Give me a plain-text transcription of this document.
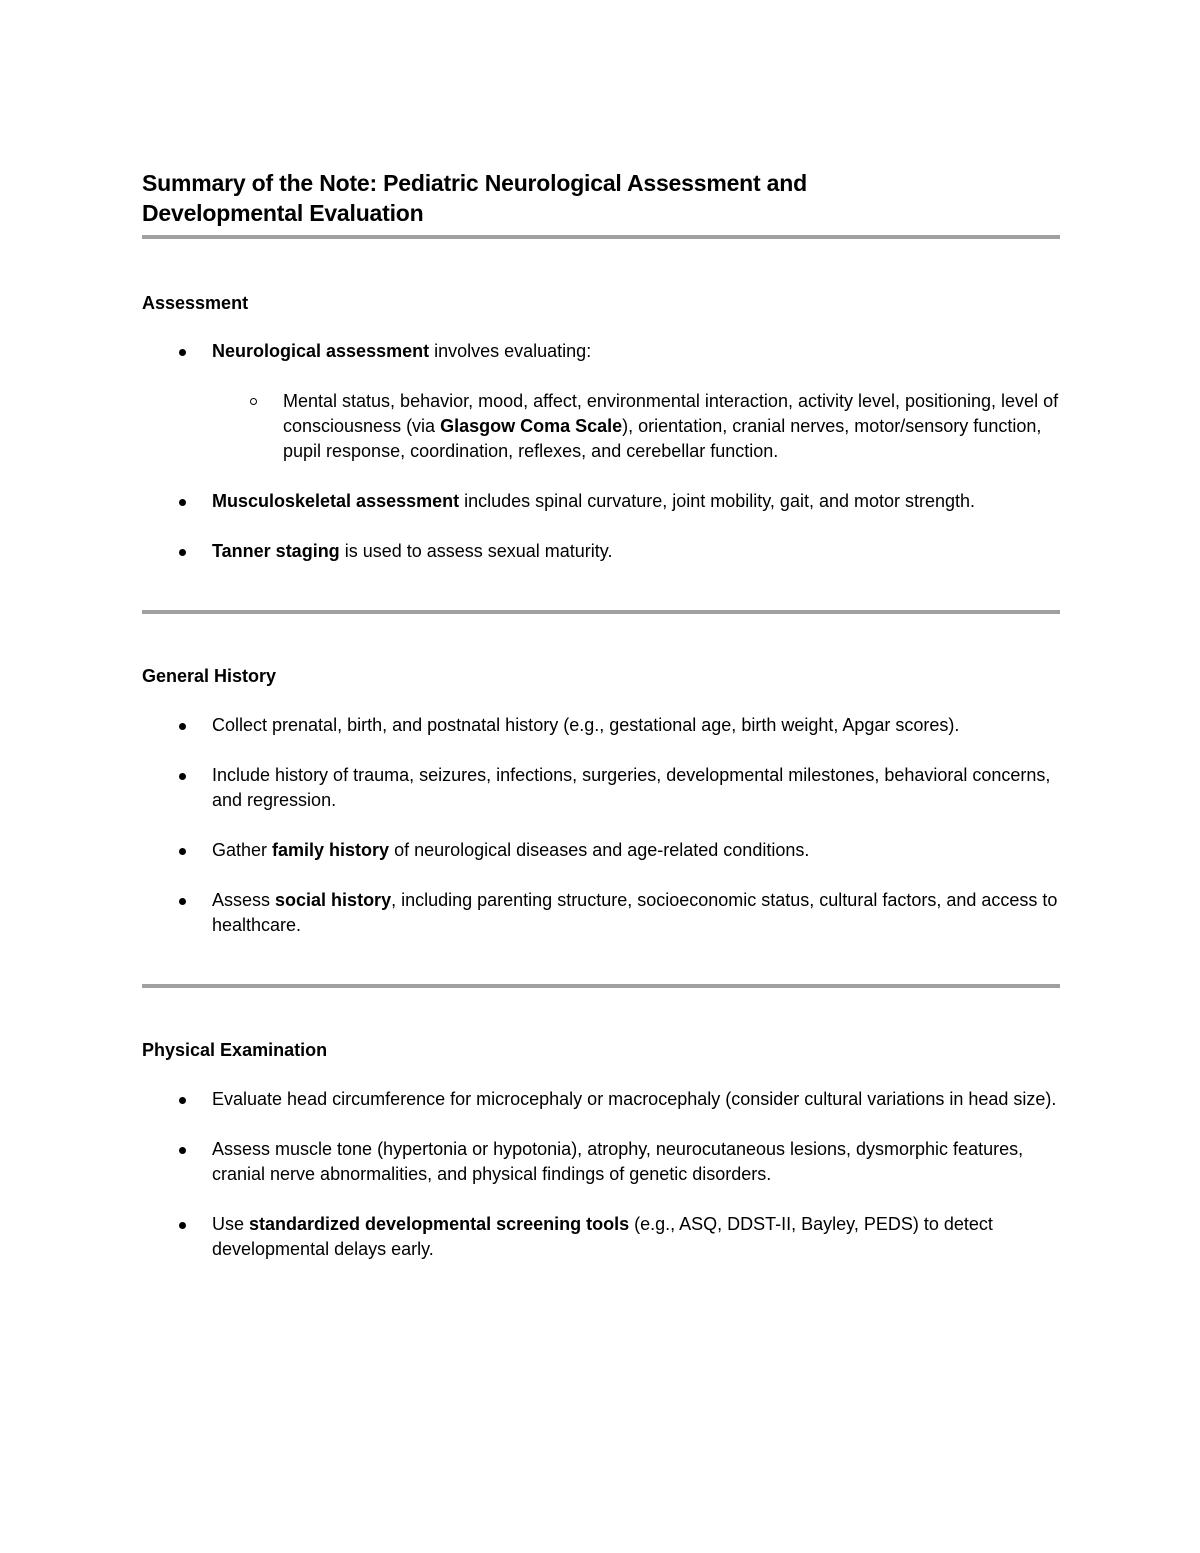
Summary of the Note: Pediatric Neurological Assessment and
Developmental Evaluation
Assessment
Neurological assessment involves evaluating:
Mental status, behavior, mood, affect, environmental interaction, activity level, positioning, level of consciousness (via Glasgow Coma Scale), orientation, cranial nerves, motor/sensory function, pupil response, coordination, reflexes, and cerebellar function.
Musculoskeletal assessment includes spinal curvature, joint mobility, gait, and motor strength.
Tanner staging is used to assess sexual maturity.
General History
Collect prenatal, birth, and postnatal history (e.g., gestational age, birth weight, Apgar scores).
Include history of trauma, seizures, infections, surgeries, developmental milestones, behavioral concerns, and regression.
Gather family history of neurological diseases and age-related conditions.
Assess social history, including parenting structure, socioeconomic status, cultural factors, and access to healthcare.
Physical Examination
Evaluate head circumference for microcephaly or macrocephaly (consider cultural variations in head size).
Assess muscle tone (hypertonia or hypotonia), atrophy, neurocutaneous lesions, dysmorphic features, cranial nerve abnormalities, and physical findings of genetic disorders.
Use standardized developmental screening tools (e.g., ASQ, DDST-II, Bayley, PEDS) to detect developmental delays early.
